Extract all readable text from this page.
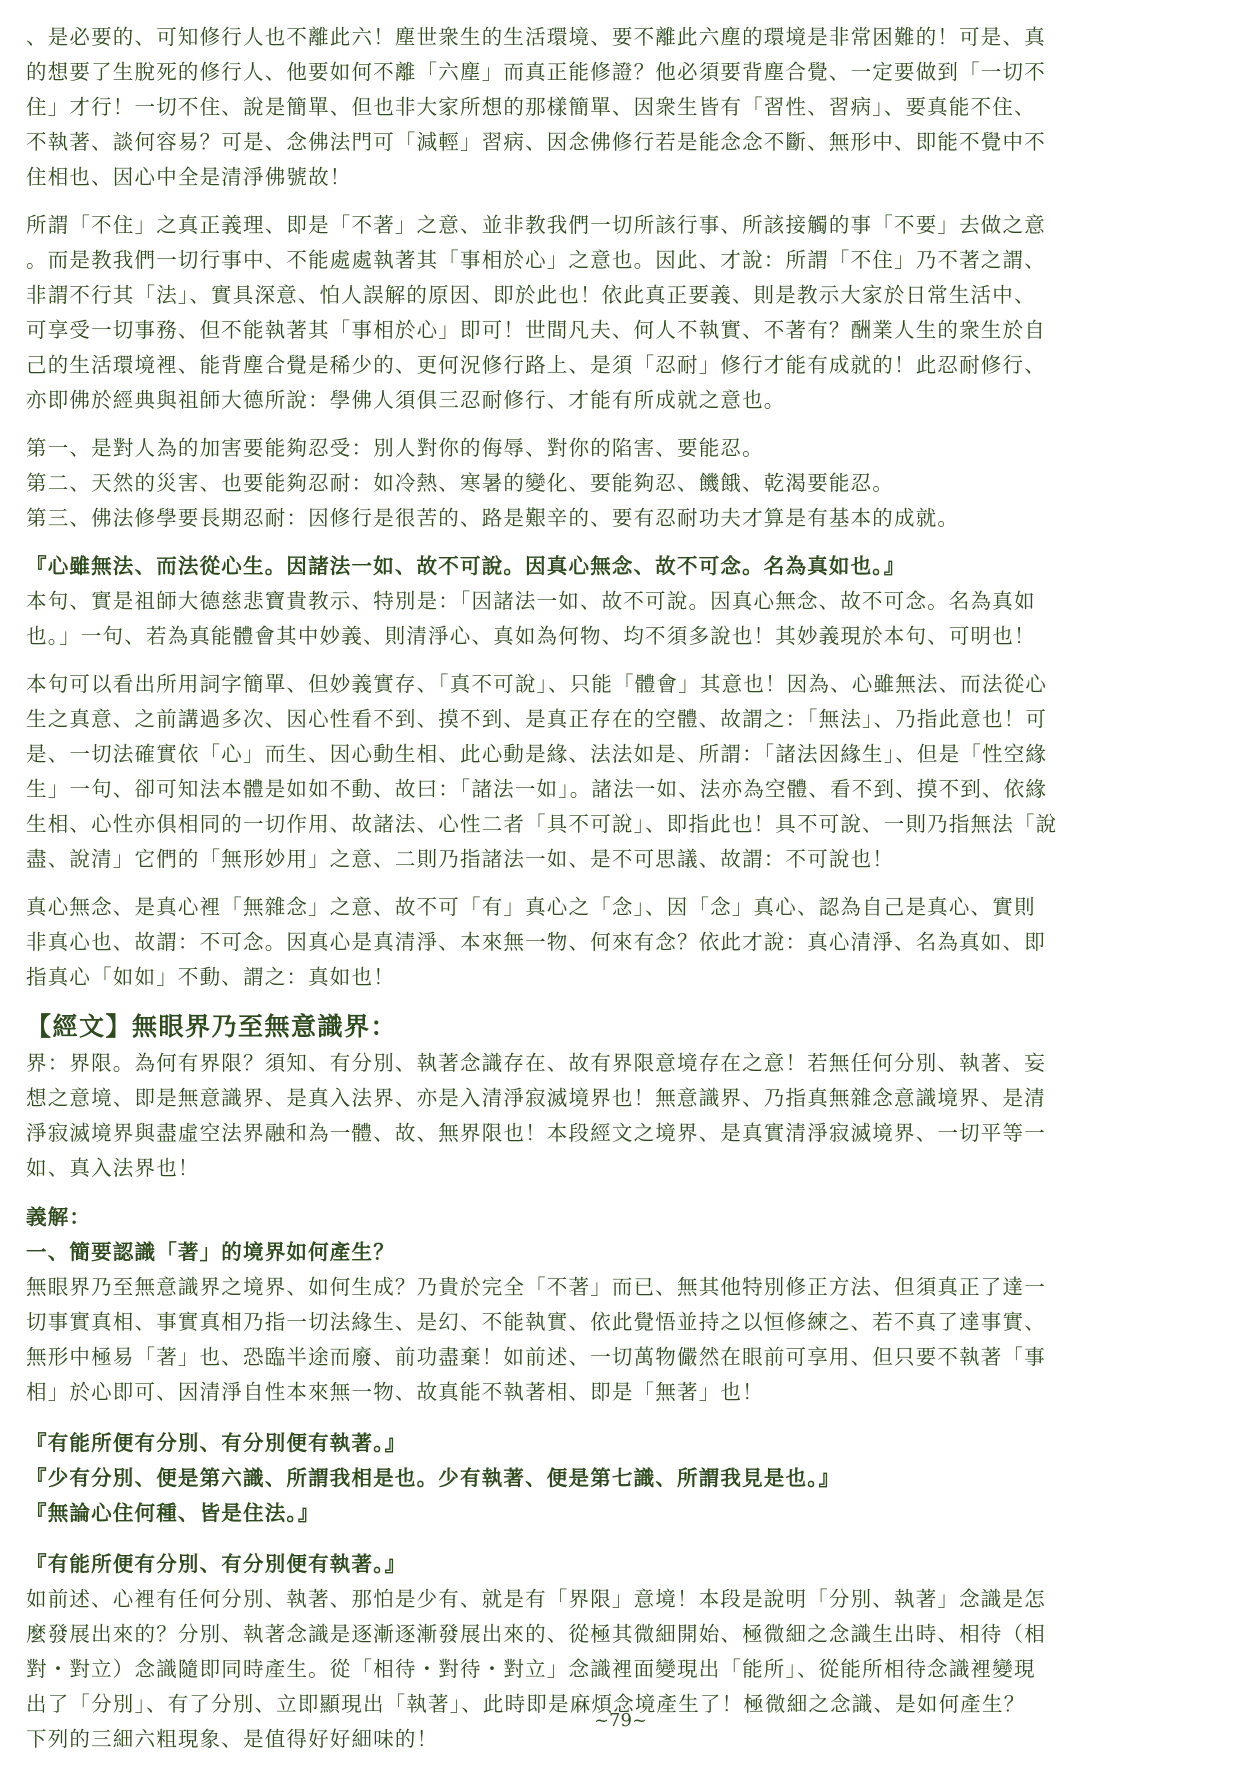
、是必要的、可知修行人也不離此六！塵世衆生的生活環境、要不離此六塵的環境是非常困難的！可是、真
的想要了生脫死的修行人、他要如何不離「六塵」而真正能修證？他必須要背塵合覺、一定要做到「一切不
住」才行！一切不住、說是簡單、但也非大家所想的那樣簡單、因衆生皆有「習性、習病」、要真能不住、
不執著、談何容易？可是、念佛法門可「減輕」習病、因念佛修行若是能念念不斷、無形中、即能不覺中不
住相也、因心中全是清淨佛號故！

所謂「不住」之真正義理、即是「不著」之意、並非教我們一切所該行事、所該接觸的事「不要」去做之意
。而是教我們一切行事中、不能處處執著其「事相於心」之意也。因此、才說：所謂「不住」乃不著之謂、
非謂不行其「法」、實具深意、怕人誤解的原因、即於此也！依此真正要義、則是教示大家於日常生活中、
可享受一切事務、但不能執著其「事相於心」即可！世間凡夫、何人不執實、不著有？酬業人生的衆生於自
己的生活環境裡、能背塵合覺是稀少的、更何況修行路上、是須「忍耐」修行才能有成就的！此忍耐修行、
亦即佛於經典與祖師大德所說：學佛人須俱三忍耐修行、才能有所成就之意也。

第一、是對人為的加害要能夠忍受：別人對你的侮辱、對你的陷害、要能忍。
第二、天然的災害、也要能夠忍耐：如冷熱、寒暑的變化、要能夠忍、饑餓、乾渴要能忍。
第三、佛法修學要長期忍耐：因修行是很苦的、路是艱辛的、要有忍耐功夫才算是有基本的成就。

『心雖無法、而法從心生。因諸法一如、故不可說。因真心無念、故不可念。名為真如也。』
本句、實是祖師大德慈悲寶貴教示、特別是：「因諸法一如、故不可說。因真心無念、故不可念。名為真如
也。」一句、若為真能體會其中妙義、則清淨心、真如為何物、均不須多說也！其妙義現於本句、可明也！

本句可以看出所用詞字簡單、但妙義實存、「真不可說」、只能「體會」其意也！因為、心雖無法、而法從心
生之真意、之前講過多次、因心性看不到、摸不到、是真正存在的空體、故謂之：「無法」、乃指此意也！可
是、一切法確實依「心」而生、因心動生相、此心動是緣、法法如是、所謂：「諸法因緣生」、但是「性空緣
生」一句、卻可知法本體是如如不動、故曰：「諸法一如」。諸法一如、法亦為空體、看不到、摸不到、依緣
生相、心性亦俱相同的一切作用、故諸法、心性二者「具不可說」、即指此也！具不可說、一則乃指無法「說
盡、說清」它們的「無形妙用」之意、二則乃指諸法一如、是不可思議、故謂：不可說也！

真心無念、是真心裡「無雜念」之意、故不可「有」真心之「念」、因「念」真心、認為自己是真心、實則
非真心也、故謂：不可念。因真心是真清淨、本來無一物、何來有念？依此才說：真心清淨、名為真如、即
指真心「如如」不動、謂之：真如也！

【經文】無眼界乃至無意識界：

界：界限。為何有界限？須知、有分別、執著念識存在、故有界限意境存在之意！若無任何分別、執著、妄
想之意境、即是無意識界、是真入法界、亦是入清淨寂滅境界也！無意識界、乃指真無雜念意識境界、是清
淨寂滅境界與盡虛空法界融和為一體、故、無界限也！本段經文之境界、是真實清淨寂滅境界、一切平等一
如、真入法界也！

義解：
一、簡要認識「著」的境界如何產生？
無眼界乃至無意識界之境界、如何生成？乃貴於完全「不著」而已、無其他特別修正方法、但須真正了達一
切事實真相、事實真相乃指一切法緣生、是幻、不能執實、依此覺悟並持之以恒修練之、若不真了達事實、
無形中極易「著」也、恐臨半途而廢、前功盡棄！如前述、一切萬物儼然在眼前可享用、但只要不執著「事
相」於心即可、因清淨自性本來無一物、故真能不執著相、即是「無著」也！

『有能所便有分別、有分別便有執著。』
『少有分別、便是第六識、所謂我相是也。少有執著、便是第七識、所謂我見是也。』
『無論心住何種、皆是住法。』

『有能所便有分別、有分別便有執著。』
如前述、心裡有任何分別、執著、那怕是少有、就是有「界限」意境！本段是說明「分別、執著」念識是怎
麼發展出來的？分別、執著念識是逐漸逐漸發展出來的、從極其微細開始、極微細之念識生出時、相待（相
對・對立）念識隨即同時產生。從「相待・對待・對立」念識裡面變現出「能所」、從能所相待念識裡變現
出了「分別」、有了分別、立即顯現出「執著」、此時即是麻煩念境產生了！極微細之念識、是如何產生？
下列的三細六粗現象、是值得好好細味的！

~79~
